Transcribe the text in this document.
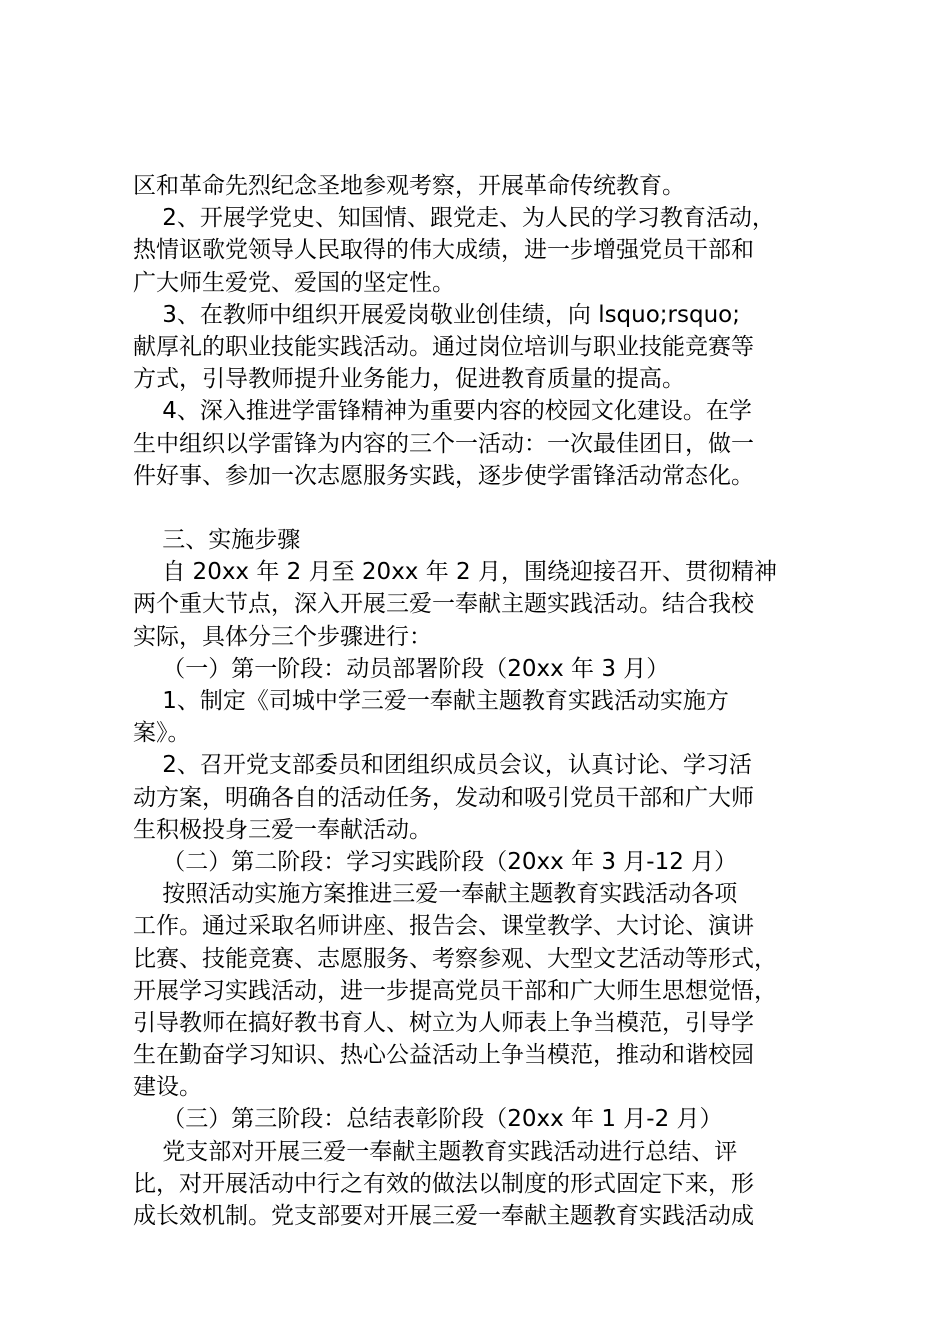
区和革命先烈纪念圣地参观考察，开展革命传统教育。
2、开展学党史、知国情、跟党走、为人民的学习教育活动，
热情讴歌党领导人民取得的伟大成绩，进一步增强党员干部和
广大师生爱党、爱国的坚定性。
3、在教师中组织开展爱岗敬业创佳绩，向 lsquo;rsquo;
献厚礼的职业技能实践活动。通过岗位培训与职业技能竞赛等
方式，引导教师提升业务能力，促进教育质量的提高。
4、深入推进学雷锋精神为重要内容的校园文化建设。在学
生中组织以学雷锋为内容的三个一活动：一次最佳团日，做一
件好事、参加一次志愿服务实践，逐步使学雷锋活动常态化。
三、实施步骤
自 20xx 年 2 月至 20xx 年 2 月，围绕迎接召开、贯彻精神
两个重大节点，深入开展三爱一奉献主题实践活动。结合我校
实际，具体分三个步骤进行：
（一）第一阶段：动员部署阶段（20xx 年 3 月）
1、制定《司城中学三爱一奉献主题教育实践活动实施方
案》。
2、召开党支部委员和团组织成员会议，认真讨论、学习活
动方案，明确各自的活动任务，发动和吸引党员干部和广大师
生积极投身三爱一奉献活动。
（二）第二阶段：学习实践阶段（20xx 年 3 月-12 月）
按照活动实施方案推进三爱一奉献主题教育实践活动各项
工作。通过采取名师讲座、报告会、课堂教学、大讨论、演讲
比赛、技能竞赛、志愿服务、考察参观、大型文艺活动等形式，
开展学习实践活动，进一步提高党员干部和广大师生思想觉悟，
引导教师在搞好教书育人、树立为人师表上争当模范，引导学
生在勤奋学习知识、热心公益活动上争当模范，推动和谐校园
建设。
（三）第三阶段：总结表彰阶段（20xx 年 1 月-2 月）
党支部对开展三爱一奉献主题教育实践活动进行总结、评
比，对开展活动中行之有效的做法以制度的形式固定下来，形
成长效机制。党支部要对开展三爱一奉献主题教育实践活动成
